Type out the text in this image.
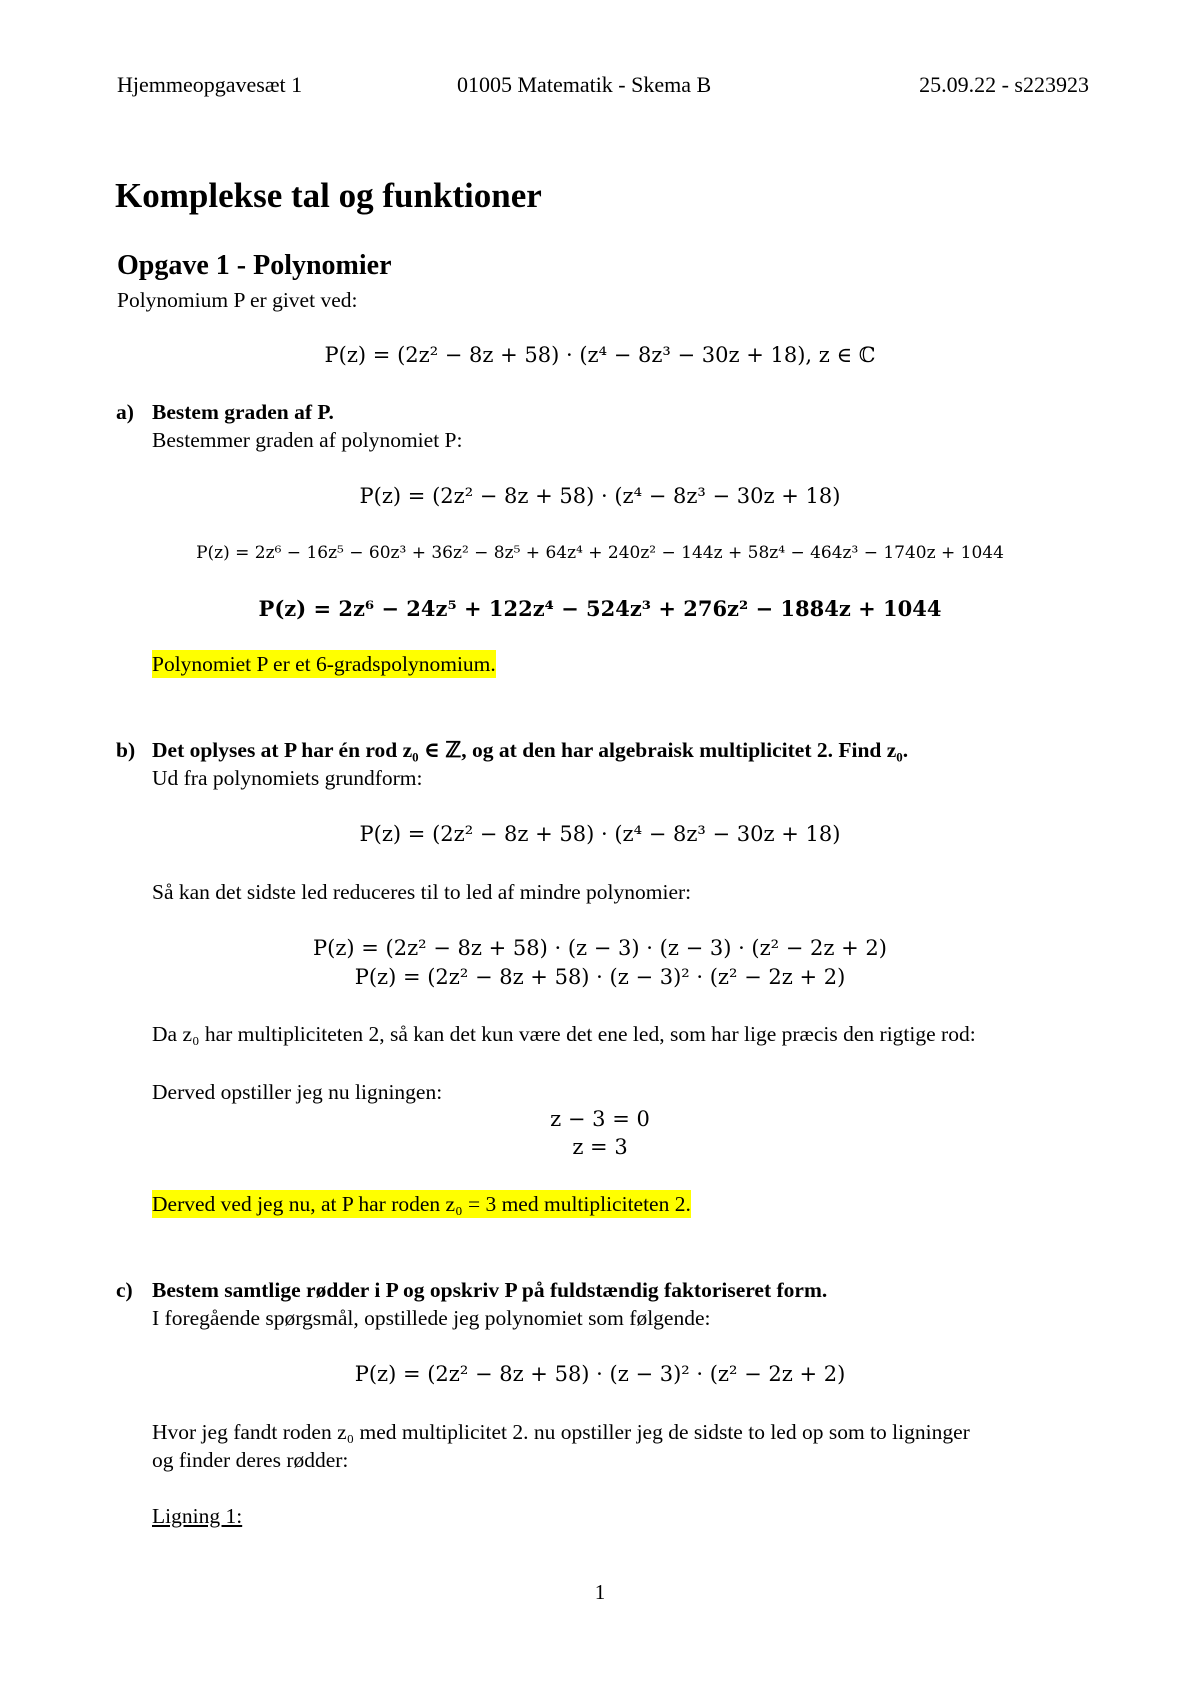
Hjemmeopgavesæt 1	01005 Matematik - Skema B	25.09.22 - s223923
Komplekse tal og funktioner
Opgave 1 - Polynomier
Polynomium P er givet ved:
P(z) = (2z² − 8z + 58) · (z⁴ − 8z³ − 30z + 18), z ∈ ℂ
a) Bestem graden af P.
Bestemmer graden af polynomiet P:
P(z) = (2z² − 8z + 58) · (z⁴ − 8z³ − 30z + 18)
P(z) = 2z⁶ − 16z⁵ − 60z³ + 36z² − 8z⁵ + 64z⁴ + 240z² − 144z + 58z⁴ − 464z³ − 1740z + 1044
P(z) = 2z⁶ − 24z⁵ + 122z⁴ − 524z³ + 276z² − 1884z + 1044
Polynomiet P er et 6-gradspolynomium.
b) Det oplyses at P har én rod z₀ ∈ ℤ, og at den har algebraisk multiplicitet 2. Find z₀.
Ud fra polynomiets grundform:
P(z) = (2z² − 8z + 58) · (z⁴ − 8z³ − 30z + 18)
Så kan det sidste led reduceres til to led af mindre polynomier:
P(z) = (2z² − 8z + 58) · (z − 3) · (z − 3) · (z² − 2z + 2)
P(z) = (2z² − 8z + 58) · (z − 3)² · (z² − 2z + 2)
Da z₀ har multipliciteten 2, så kan det kun være det ene led, som har lige præcis den rigtige rod:
Derved opstiller jeg nu ligningen:
z − 3 = 0
z = 3
Derved ved jeg nu, at P har roden z₀ = 3 med multipliciteten 2.
c) Bestem samtlige rødder i P og opskriv P på fuldstændig faktoriseret form.
I foregående spørgsmål, opstillede jeg polynomiet som følgende:
P(z) = (2z² − 8z + 58) · (z − 3)² · (z² − 2z + 2)
Hvor jeg fandt roden z₀ med multiplicitet 2. nu opstiller jeg de sidste to led op som to ligninger
og finder deres rødder:
Ligning 1:
1
